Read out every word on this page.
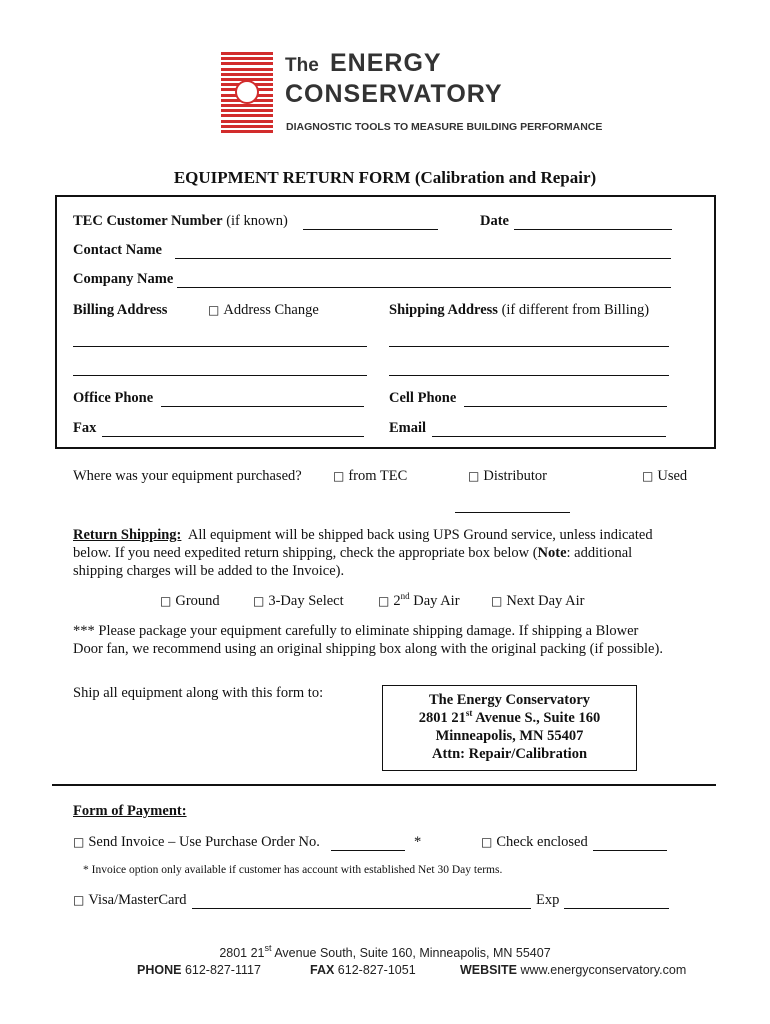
The ENERGY
CONSERVATORY
DIAGNOSTIC TOOLS TO MEASURE BUILDING PERFORMANCE
EQUIPMENT RETURN FORM (Calibration and Repair)
TEC Customer Number (if known)	Date
Contact Name
Company Name
Billing Address	□ Address Change	Shipping Address (if different from Billing)
Office Phone	Cell Phone
Fax	Email
Where was your equipment purchased?	□ from TEC	□ Distributor	□ Used
Return Shipping: All equipment will be shipped back using UPS Ground service, unless indicated
below. If you need expedited return shipping, check the appropriate box below (Note: additional
shipping charges will be added to the Invoice).
□ Ground	□ 3-Day Select	□ 2nd Day Air	□ Next Day Air
*** Please package your equipment carefully to eliminate shipping damage. If shipping a Blower
Door fan, we recommend using an original shipping box along with the original packing (if possible).
Ship all equipment along with this form to:	The Energy Conservatory
2801 21st Avenue S., Suite 160
Minneapolis, MN 55407
Attn: Repair/Calibration
Form of Payment:
□ Send Invoice – Use Purchase Order No.	*	□ Check enclosed
* Invoice option only available if customer has account with established Net 30 Day terms.
□ Visa/MasterCard	Exp
2801 21st Avenue South, Suite 160, Minneapolis, MN 55407
PHONE 612-827-1117	FAX 612-827-1051	WEBSITE www.energyconservatory.com
